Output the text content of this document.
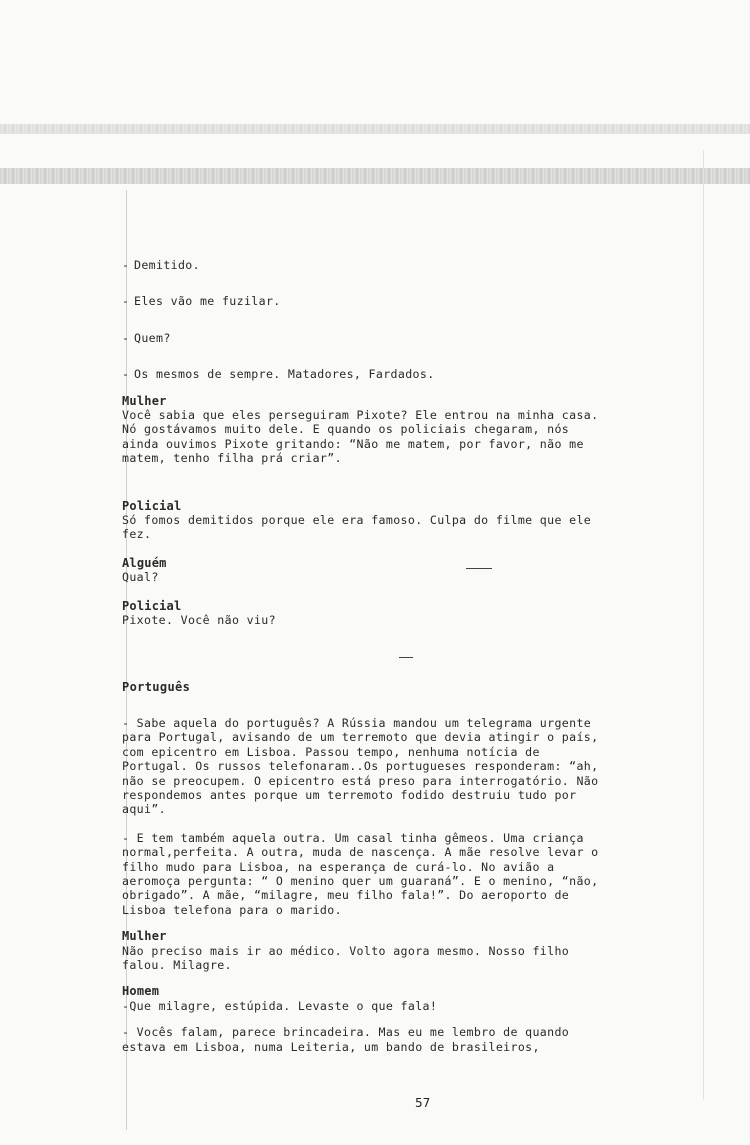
- Demitido.
- Eles vão me fuzilar.
- Quem?
- Os mesmos de sempre. Matadores, Fardados.
Mulher
Você sabia que eles perseguiram Pixote? Ele entrou na minha casa.
Nó gostávamos muito dele. E quando os policiais chegaram, nós
ainda ouvimos Pixote gritando: “Não me matem, por favor, não me
matem, tenho filha prá criar”.
Policial
Só fomos demitidos porque ele era famoso. Culpa do filme que ele
fez.
Alguém
Qual?
Policial
Pixote. Você não viu?
Português
- Sabe aquela do português? A Rússia mandou um telegrama urgente
para Portugal, avisando de um terremoto que devia atingir o país,
com epicentro em Lisboa. Passou tempo, nenhuma notícia de
Portugal. Os russos telefonaram..Os portugueses responderam: “ah,
não se preocupem. O epicentro está preso para interrogatório. Não
respondemos antes porque um terremoto fodido destruiu tudo por
aqui”.
- E tem também aquela outra. Um casal tinha gêmeos. Uma criança
normal,perfeita. A outra, muda de nascença. A mãe resolve levar o
filho mudo para Lisboa, na esperança de curá-lo. No avião a
aeromoça pergunta: “ O menino quer um guaraná”. E o menino, “não,
obrigado”. A mãe, “milagre, meu filho fala!”. Do aeroporto de
Lisboa telefona para o marido.
Mulher
Não preciso mais ir ao médico. Volto agora mesmo. Nosso filho
falou. Milagre.
Homem
-Que milagre, estúpida. Levaste o que fala!
- Vocês falam, parece brincadeira. Mas eu me lembro de quando
estava em Lisboa, numa Leiteria, um bando de brasileiros,
57
